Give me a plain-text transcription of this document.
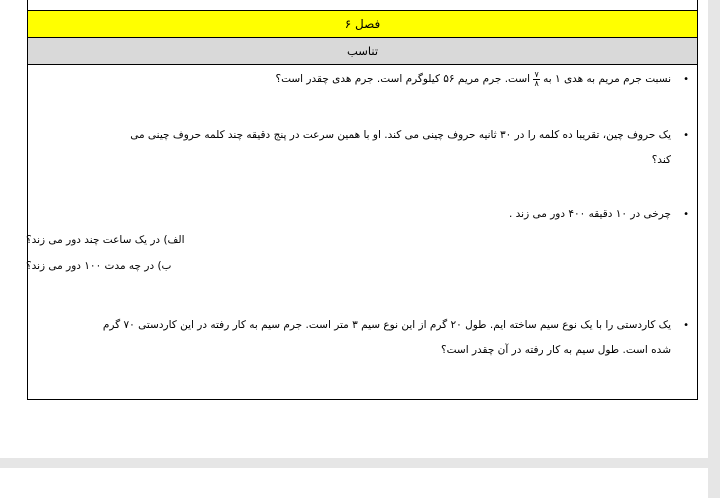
فصل ۶
تناسب
•
نسبت جرم مریم به هدی ۱ به
$\frac{۷}{۸}$
است. جرم مریم ۵۶ کیلوگرم است. جرم هدی چقدر است؟
•
یک حروف چین، تقریبا ده کلمه را در ۳۰ ثانیه حروف چینی می کند. او با همین سرعت در پنج دقیقه چند کلمه حروف چینی می
کند؟
•
چرخی در ۱۰ دقیقه ۴۰۰ دور می زند .
الف) در یک ساعت چند دور می زند؟
ب) در چه مدت ۱۰۰ دور می زند؟
•
یک کاردستی را با یک نوع سیم ساخته ایم. طول ۲۰ گرم از این نوع سیم ۳ متر است. جرم سیم به کار رفته در این کاردستی ۷۰ گرم
شده است. طول سیم به کار رفته در آن چقدر است؟
